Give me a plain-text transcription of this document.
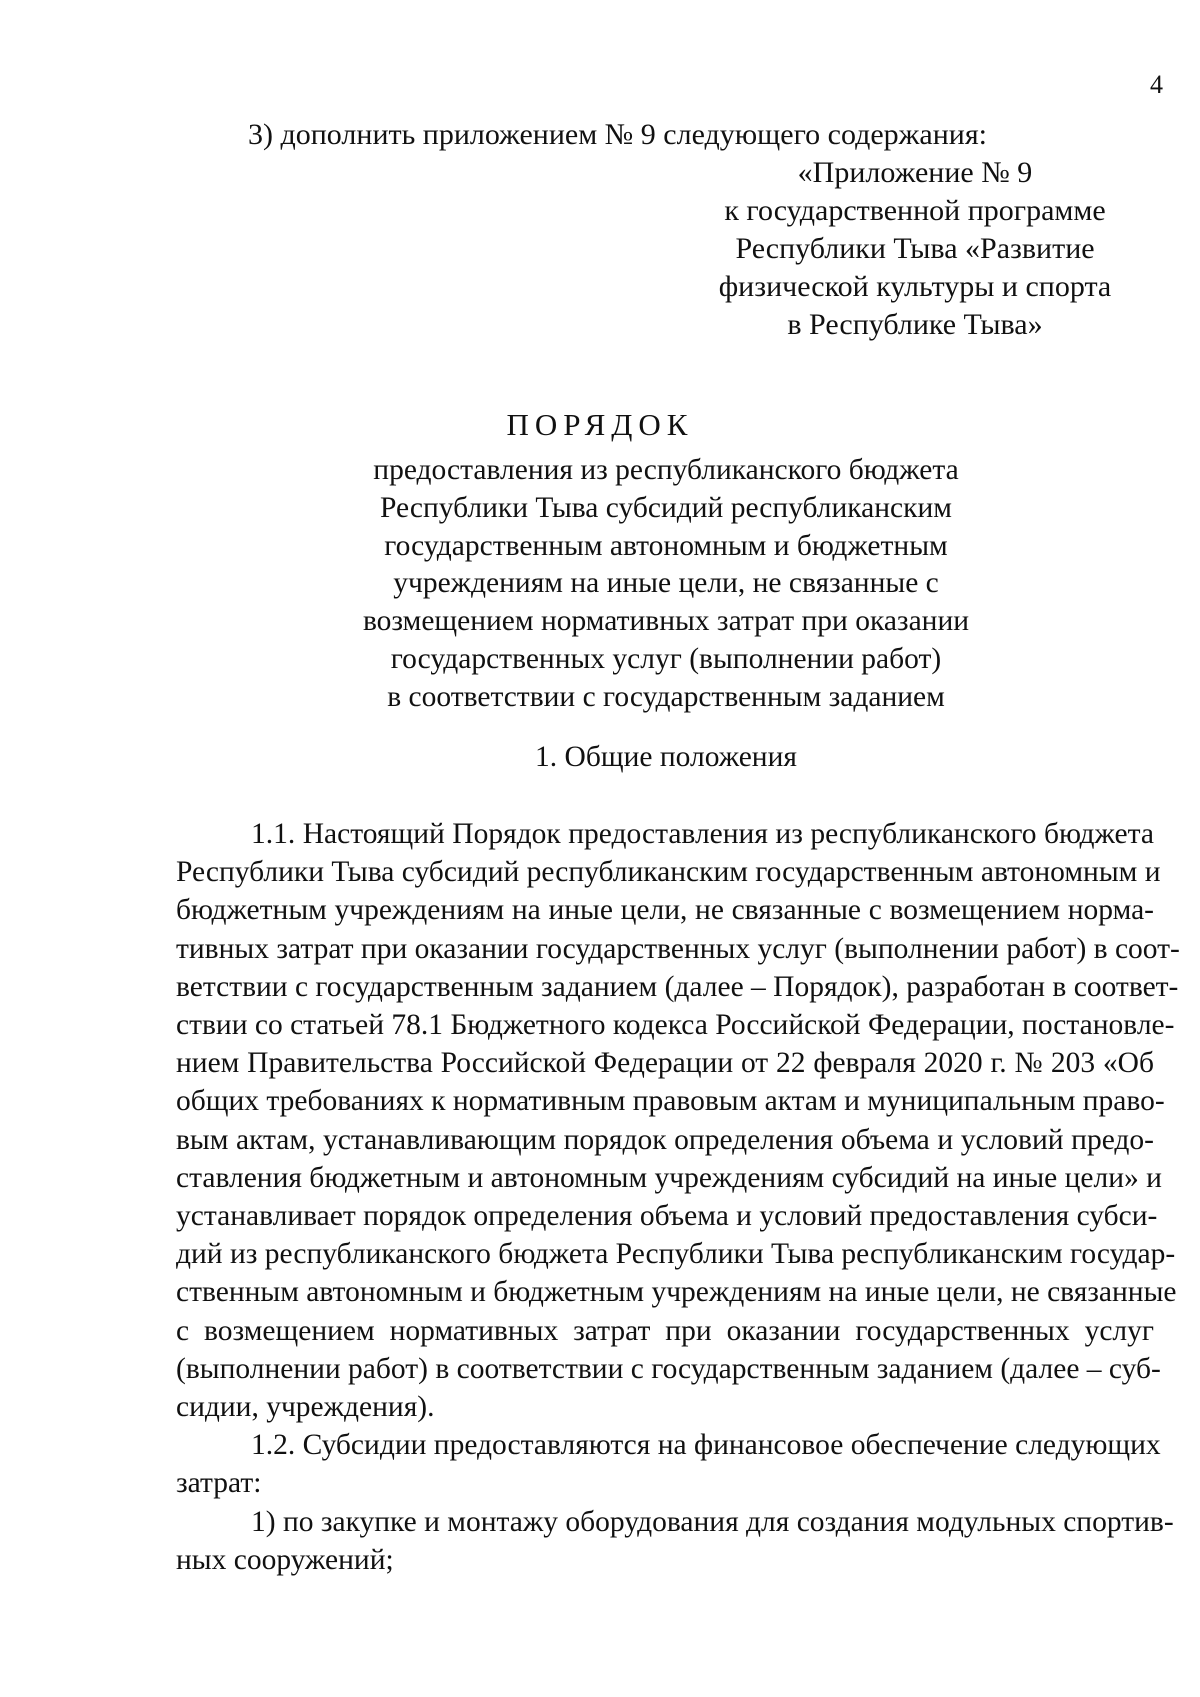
4
3) дополнить приложением № 9 следующего содержания:
«Приложение № 9
к государственной программе
Республики Тыва «Развитие
физической культуры и спорта
в Республике Тыва»
ПОРЯДОК
предоставления из республиканского бюджета
Республики Тыва субсидий республиканским
государственным автономным и бюджетным
учреждениям на иные цели, не связанные с
возмещением нормативных затрат при оказании
государственных услуг (выполнении работ)
в соответствии с государственным заданием
1. Общие положения
1.1. Настоящий Порядок предоставления из республиканского бюджета
Республики Тыва субсидий республиканским государственным автономным и
бюджетным учреждениям на иные цели, не связанные с возмещением норма-
тивных затрат при оказании государственных услуг (выполнении работ) в соот-
ветствии с государственным заданием (далее – Порядок), разработан в соответ-
ствии со статьей 78.1 Бюджетного кодекса Российской Федерации, постановле-
нием Правительства Российской Федерации от 22 февраля 2020 г. № 203 «Об
общих требованиях к нормативным правовым актам и муниципальным право-
вым актам, устанавливающим порядок определения объема и условий предо-
ставления бюджетным и автономным учреждениям субсидий на иные цели» и
устанавливает порядок определения объема и условий предоставления субси-
дий из республиканского бюджета Республики Тыва республиканским государ-
ственным автономным и бюджетным учреждениям на иные цели, не связанные
с возмещением нормативных затрат при оказании государственных услуг
(выполнении работ) в соответствии с государственным заданием (далее – суб-
сидии, учреждения).
1.2. Субсидии предоставляются на финансовое обеспечение следующих
затрат:
1) по закупке и монтажу оборудования для создания модульных спортив-
ных сооружений;
